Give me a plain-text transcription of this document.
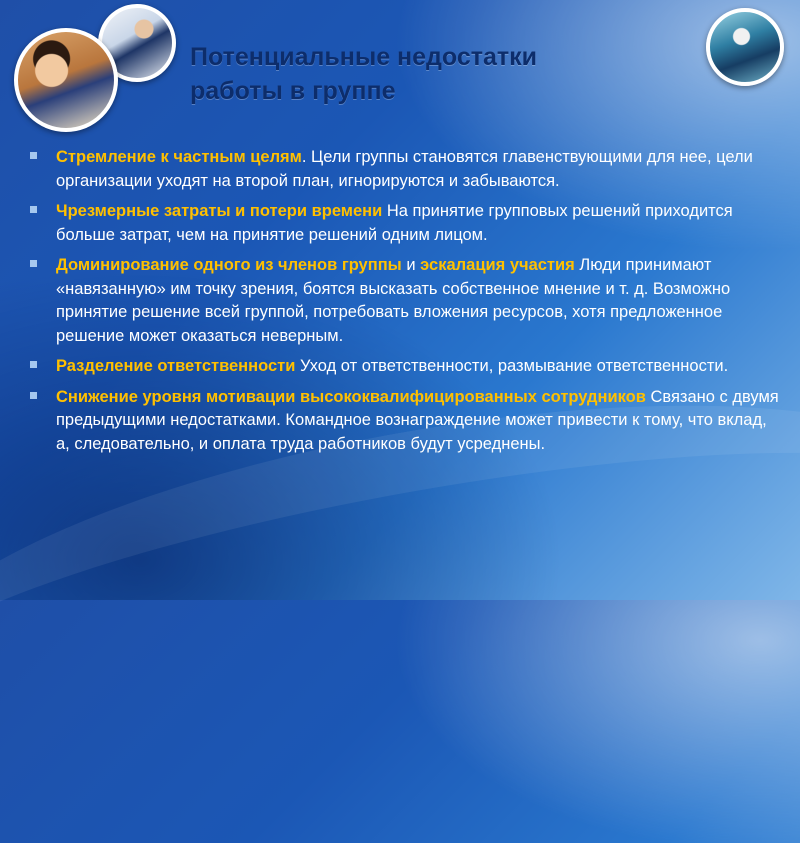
Потенциальные недостатки
работы в группе
Стремление к частным целям. Цели группы становятся главенствующими для нее, цели организации уходят на второй план, игнорируются и забываются.
Чрезмерные затраты и потери времени На принятие групповых решений приходится больше затрат, чем на принятие решений одним лицом.
Доминирование одного из членов группы и эскалация участия Люди принимают «навязанную» им точку зрения, боятся высказать собственное мнение и т. д. Возможно принятие решение всей группой, потребовать вложения ресурсов, хотя предложенное решение может оказаться неверным.
Разделение ответственности Уход от ответственности, размывание ответственности.
Снижение уровня мотивации высококвалифицированных сотрудников Связано с двумя предыдущими недостатками. Командное вознаграждение может привести к тому, что вклад, а, следовательно, и оплата труда работников будут усреднены.
